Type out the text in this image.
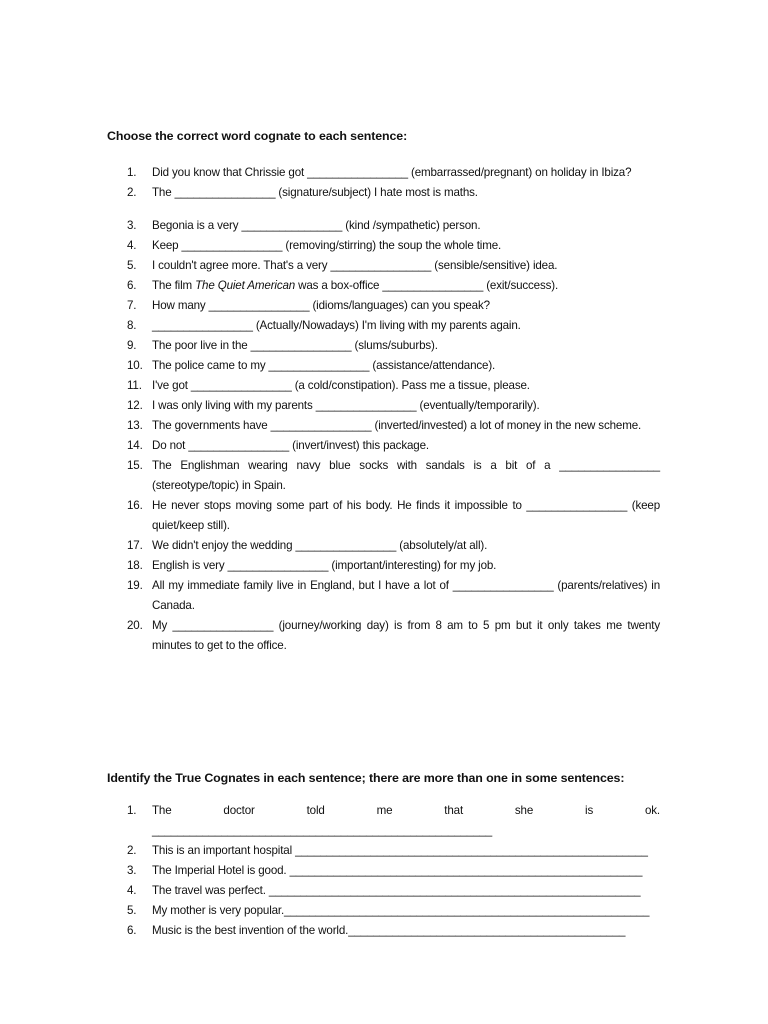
Choose the correct word cognate to each sentence:
1.	Did you know that Chrissie got ________________ (embarrassed/pregnant) on holiday in Ibiza?
2.	The ________________ (signature/subject) I hate most is maths.
3.	Begonia is a very ________________ (kind /sympathetic) person.
4.	Keep ________________ (removing/stirring) the soup the whole time.
5.	I couldn't agree more. That's a very ________________ (sensible/sensitive) idea.
6.	The film The Quiet American was a box-office ________________ (exit/success).
7.	How many ________________ (idioms/languages) can you speak?
8.	________________ (Actually/Nowadays) I'm living with my parents again.
9.	The poor live in the ________________ (slums/suburbs).
10. The police came to my ________________ (assistance/attendance).
11. I've got ________________ (a cold/constipation). Pass me a tissue, please.
12. I was only living with my parents ________________ (eventually/temporarily).
13. The governments have ________________ (inverted/invested) a lot of money in the new scheme.
14. Do not ________________ (invert/invest) this package.
15. The Englishman wearing navy blue socks with sandals is a bit of a ________________ (stereotype/topic) in Spain.
16. He never stops moving some part of his body. He finds it impossible to ________________ (keep quiet/keep still).
17. We didn't enjoy the wedding ________________ (absolutely/at all).
18. English is very ________________ (important/interesting) for my job.
19. All my immediate family live in England, but I have a lot of ________________ (parents/relatives) in Canada.
20. My ________________ (journey/working day) is from 8 am to 5 pm but it only takes me twenty minutes to get to the office.
Identify the True Cognates in each sentence; there are more than one in some sentences:
1.	The doctor told me that she is ok. ______________________________________________________
2.	This is an important hospital ________________________________________________________
3.	The Imperial Hotel is good. ________________________________________________________
4.	The travel was perfect. ___________________________________________________________
5.	My mother is very popular.__________________________________________________________
6.	Music is the best invention of the world.____________________________________________
